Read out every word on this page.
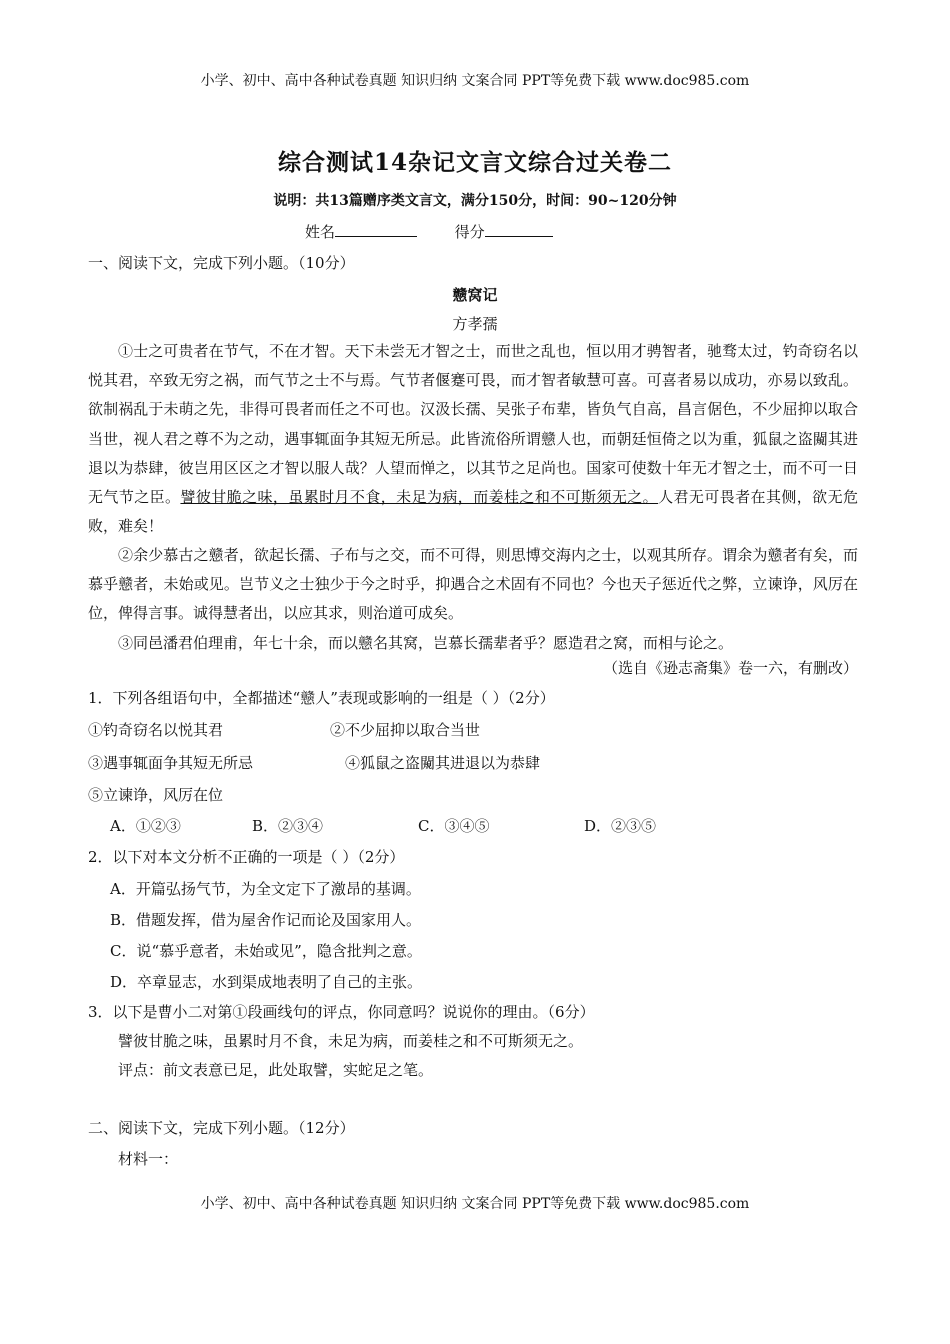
小学、初中、高中各种试卷真题 知识归纳 文案合同 PPT等免费下载 www.doc985.com
综合测试14杂记文言文综合过关卷二
说明：共13篇赠序类文言文，满分150分，时间：90~120分钟
姓名	得分
一、阅读下文，完成下列小题。（10分）
戆窝记
方孝孺
①士之可贵者在节气，不在才智。天下未尝无才智之士，而世之乱也，恒以用才骋智者，驰骛太过，钓奇窃名以悦其君，卒致无穷之祸，而气节之士不与焉。气节者偃蹇可畏，而才智者敏慧可喜。可喜者易以成功，亦易以致乱。欲制祸乱于未萌之先，非得可畏者而任之不可也。汉汲长孺、吴张子布辈，皆负气自高，昌言倨色，不少屈抑以取合当世，视人君之尊不为之动，遇事辄面争其短无所忌。此皆流俗所谓戆人也，而朝廷恒倚之以为重，狐鼠之盗闚其进退以为恭肆，彼岂用区区之才智以服人哉？人望而惮之，以其节之足尚也。国家可使数十年无才智之士，而不可一日无气节之臣。譬彼甘脆之味，虽累时月不食，未足为病，而姜桂之和不可斯须无之。人君无可畏者在其侧，欲无危败，难矣！
②余少慕古之戆者，欲起长孺、子布与之交，而不可得，则思博交海内之士，以观其所存。谓余为戆者有矣，而慕乎戆者，未始或见。岂节义之士独少于今之时乎，抑遇合之术固有不同也？今也天子惩近代之弊，立谏诤，风厉在位，俾得言事。诚得慧者出，以应其求，则治道可成矣。
③同邑潘君伯理甫，年七十余，而以戆名其窝，岂慕长孺辈者乎？愿造君之窝，而相与论之。
（选自《逊志斋集》卷一六，有删改）
1．下列各组语句中，全都描述“戆人”表现或影响的一组是（ ）（2分）
①钓奇窃名以悦其君	②不少屈抑以取合当世
③遇事辄面争其短无所忌	④狐鼠之盗闚其进退以为恭肆
⑤立谏诤，风厉在位
A．①②③	B．②③④	C．③④⑤	D．②③⑤
2．以下对本文分析不正确的一项是（ ）（2分）
A．开篇弘扬气节，为全文定下了激昂的基调。
B．借题发挥，借为屋舍作记而论及国家用人。
C．说“慕乎意者，未始或见”，隐含批判之意。
D．卒章显志，水到渠成地表明了自己的主张。
3．以下是曹小二对第①段画线句的评点，你同意吗？说说你的理由。（6分）
譬彼甘脆之味，虽累时月不食，未足为病，而姜桂之和不可斯须无之。
评点：前文表意已足，此处取譬，实蛇足之笔。
二、阅读下文，完成下列小题。（12分）
材料一：
小学、初中、高中各种试卷真题 知识归纳 文案合同 PPT等免费下载 www.doc985.com
